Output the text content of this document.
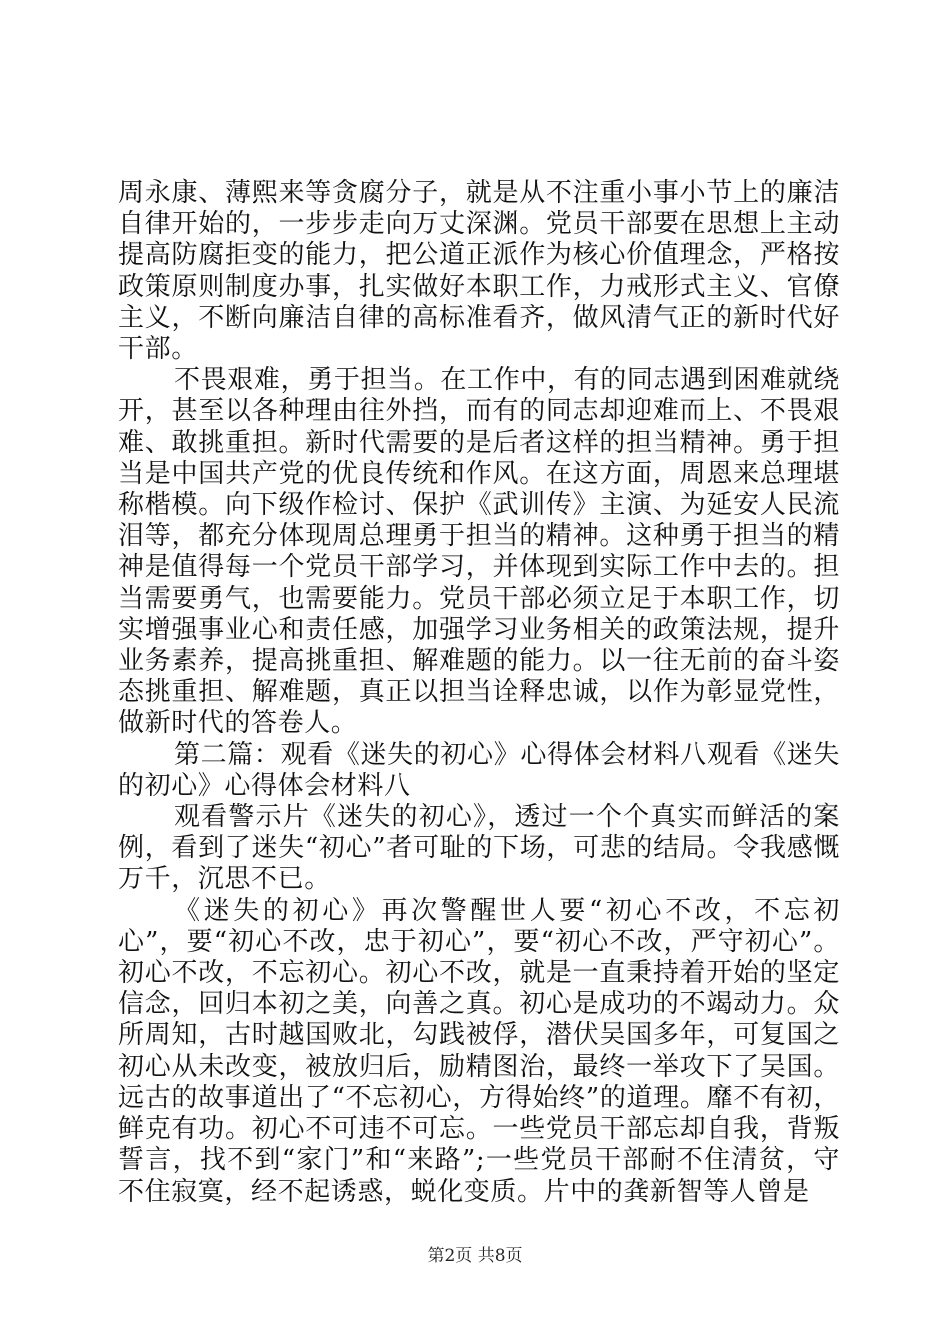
周永康、薄熙来等贪腐分子，就是从不注重小事小节上的廉洁自律开始的，一步步走向万丈深渊。党员干部要在思想上主动提高防腐拒变的能力，把公道正派作为核心价值理念，严格按政策原则制度办事，扎实做好本职工作，力戒形式主义、官僚主义，不断向廉洁自律的高标准看齐，做风清气正的新时代好干部。

不畏艰难，勇于担当。在工作中，有的同志遇到困难就绕开，甚至以各种理由往外挡，而有的同志却迎难而上、不畏艰难、敢挑重担。新时代需要的是后者这样的担当精神。勇于担当是中国共产党的优良传统和作风。在这方面，周恩来总理堪称楷模。向下级作检讨、保护《武训传》主演、为延安人民流泪等，都充分体现周总理勇于担当的精神。这种勇于担当的精神是值得每一个党员干部学习，并体现到实际工作中去的。担当需要勇气，也需要能力。党员干部必须立足于本职工作，切实增强事业心和责任感，加强学习业务相关的政策法规，提升业务素养，提高挑重担、解难题的能力。以一往无前的奋斗姿态挑重担、解难题，真正以担当诠释忠诚，以作为彰显党性，做新时代的答卷人。

第二篇：观看《迷失的初心》心得体会材料八观看《迷失的初心》心得体会材料八

观看警示片《迷失的初心》，透过一个个真实而鲜活的案例，看到了迷失“初心”者可耻的下场，可悲的结局。令我感慨万千，沉思不已。

《迷失的初心》再次警醒世人要“初心不改，不忘初心”，要“初心不改，忠于初心”，要“初心不改，严守初心”。初心不改，不忘初心。初心不改，就是一直秉持着开始的坚定信念，回归本初之美，向善之真。初心是成功的不竭动力。众所周知，古时越国败北，勾践被俘，潜伏吴国多年，可复国之初心从未改变，被放归后，励精图治，最终一举攻下了吴国。远古的故事道出了“不忘初心，方得始终”的道理。靡不有初，鲜克有功。初心不可违不可忘。一些党员干部忘却自我，背叛誓言，找不到“家门”和“来路”;一些党员干部耐不住清贫，守不住寂寞，经不起诱惑，蜕化变质。片中的龚新智等人曾是

第2页 共8页
